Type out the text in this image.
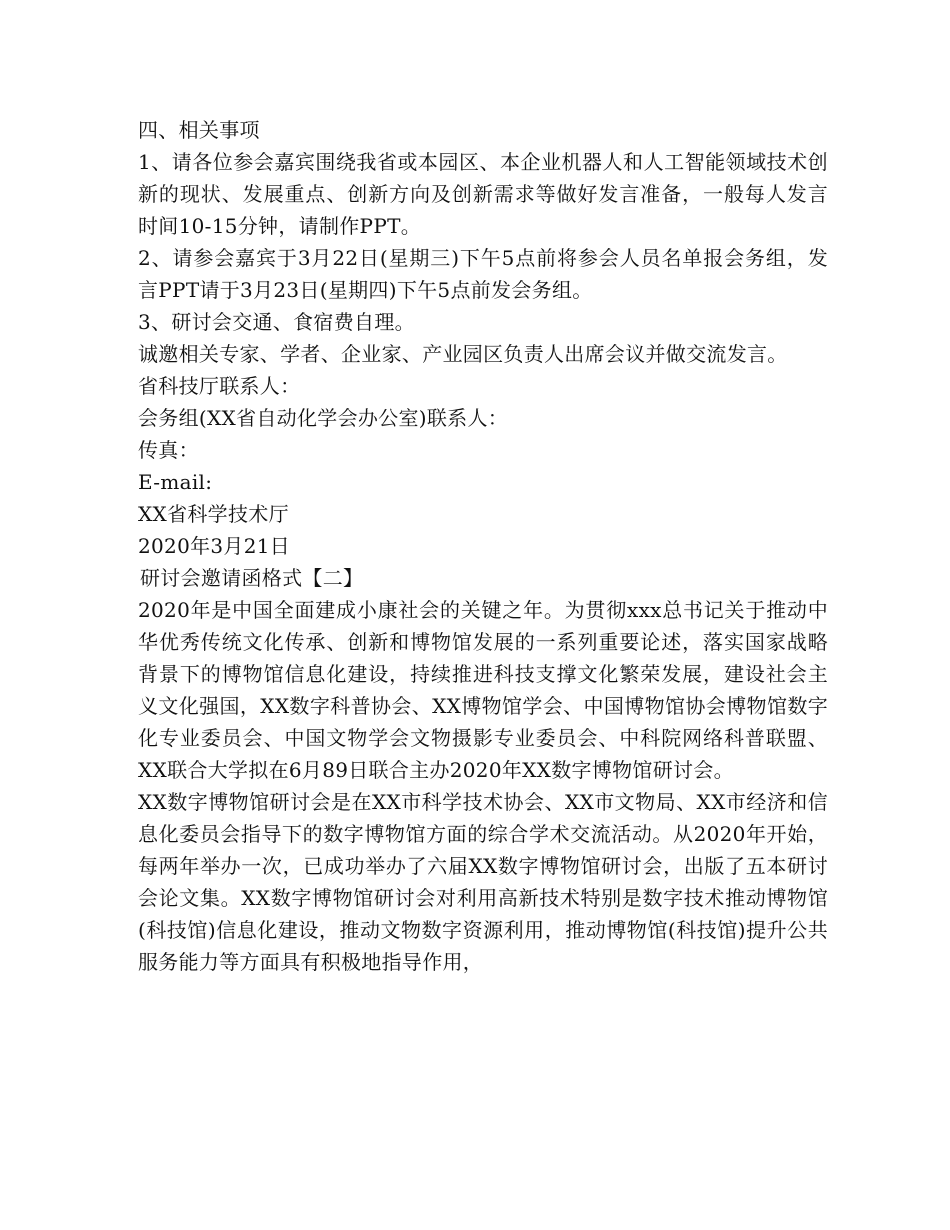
四、相关事项

1、请各位参会嘉宾围绕我省或本园区、本企业机器人和人工智能领域技术创新的现状、发展重点、创新方向及创新需求等做好发言准备，一般每人发言时间10-15分钟，请制作PPT。

2、请参会嘉宾于3月22日(星期三)下午5点前将参会人员名单报会务组，发言PPT请于3月23日(星期四)下午5点前发会务组。

3、研讨会交通、食宿费自理。

诚邀相关专家、学者、企业家、产业园区负责人出席会议并做交流发言。

省科技厅联系人：

会务组(XX省自动化学会办公室)联系人：

传真：

E-mail:

XX省科学技术厅

2020年3月21日

研讨会邀请函格式【二】

2020年是中国全面建成小康社会的关键之年。为贯彻xxx总书记关于推动中华优秀传统文化传承、创新和博物馆发展的一系列重要论述，落实国家战略背景下的博物馆信息化建设，持续推进科技支撑文化繁荣发展，建设社会主义文化强国，XX数字科普协会、XX博物馆学会、中国博物馆协会博物馆数字化专业委员会、中国文物学会文物摄影专业委员会、中科院网络科普联盟、XX联合大学拟在6月89日联合主办2020年XX数字博物馆研讨会。

XX数字博物馆研讨会是在XX市科学技术协会、XX市文物局、XX市经济和信息化委员会指导下的数字博物馆方面的综合学术交流活动。从2020年开始，每两年举办一次，已成功举办了六届XX数字博物馆研讨会，出版了五本研讨会论文集。XX数字博物馆研讨会对利用高新技术特别是数字技术推动博物馆(科技馆)信息化建设，推动文物数字资源利用，推动博物馆(科技馆)提升公共服务能力等方面具有积极地指导作用，
